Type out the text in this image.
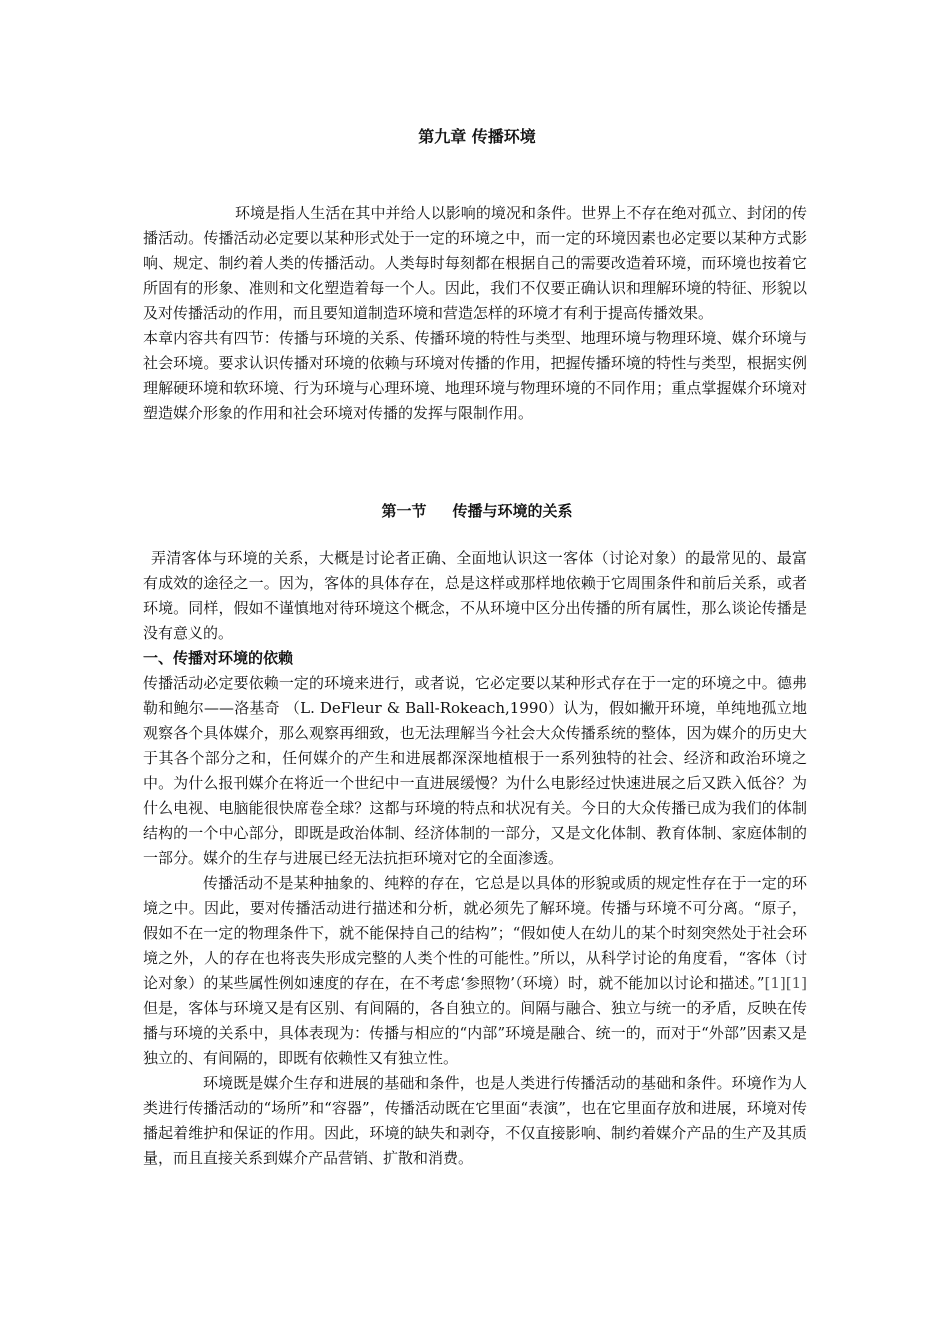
第九章 传播环境

环境是指人生活在其中并给人以影响的境况和条件。世界上不存在绝对孤立、封闭的传播活动。传播活动必定要以某种形式处于一定的环境之中，而一定的环境因素也必定要以某种方式影响、规定、制约着人类的传播活动。人类每时每刻都在根据自己的需要改造着环境，而环境也按着它所固有的形象、准则和文化塑造着每一个人。因此，我们不仅要正确认识和理解环境的特征、形貌以及对传播活动的作用，而且要知道制造环境和营造怎样的环境才有利于提高传播效果。

本章内容共有四节：传播与环境的关系、传播环境的特性与类型、地理环境与物理环境、媒介环境与社会环境。要求认识传播对环境的依赖与环境对传播的作用，把握传播环境的特性与类型，根据实例理解硬环境和软环境、行为环境与心理环境、地理环境与物理环境的不同作用；重点掌握媒介环境对塑造媒介形象的作用和社会环境对传播的发挥与限制作用。

第一节     传播与环境的关系

弄清客体与环境的关系，大概是讨论者正确、全面地认识这一客体（讨论对象）的最常见的、最富有成效的途径之一。因为，客体的具体存在，总是这样或那样地依赖于它周围条件和前后关系，或者环境。同样，假如不谨慎地对待环境这个概念，不从环境中区分出传播的所有属性，那么谈论传播是没有意义的。

一、传播对环境的依赖

传播活动必定要依赖一定的环境来进行，或者说，它必定要以某种形式存在于一定的环境之中。德弗勒和鲍尔——洛基奇 （L. DeFleur & Ball-Rokeach,1990）认为，假如撇开环境，单纯地孤立地观察各个具体媒介，那么观察再细致，也无法理解当今社会大众传播系统的整体，因为媒介的历史大于其各个部分之和，任何媒介的产生和进展都深深地植根于一系列独特的社会、经济和政治环境之中。为什么报刊媒介在将近一个世纪中一直进展缓慢？为什么电影经过快速进展之后又跌入低谷？为什么电视、电脑能很快席卷全球？这都与环境的特点和状况有关。今日的大众传播已成为我们的体制结构的一个中心部分，即既是政治体制、经济体制的一部分，又是文化体制、教育体制、家庭体制的一部分。媒介的生存与进展已经无法抗拒环境对它的全面渗透。

传播活动不是某种抽象的、纯粹的存在，它总是以具体的形貌或质的规定性存在于一定的环境之中。因此，要对传播活动进行描述和分析，就必须先了解环境。传播与环境不可分离。“原子，假如不在一定的物理条件下，就不能保持自己的结构”；“假如使人在幼儿的某个时刻突然处于社会环境之外，人的存在也将丧失形成完整的人类个性的可能性。”所以，从科学讨论的角度看，“客体（讨论对象）的某些属性例如速度的存在，在不考虑‘参照物’（环境）时，就不能加以讨论和描述。”[1][1]但是，客体与环境又是有区别、有间隔的，各自独立的。间隔与融合、独立与统一的矛盾，反映在传播与环境的关系中，具体表现为：传播与相应的“内部”环境是融合、统一的，而对于“外部”因素又是独立的、有间隔的，即既有依赖性又有独立性。

环境既是媒介生存和进展的基础和条件，也是人类进行传播活动的基础和条件。环境作为人类进行传播活动的“场所”和“容器”，传播活动既在它里面“表演”，也在它里面存放和进展，环境对传播起着维护和保证的作用。因此，环境的缺失和剥夺，不仅直接影响、制约着媒介产品的生产及其质量，而且直接关系到媒介产品营销、扩散和消费。
